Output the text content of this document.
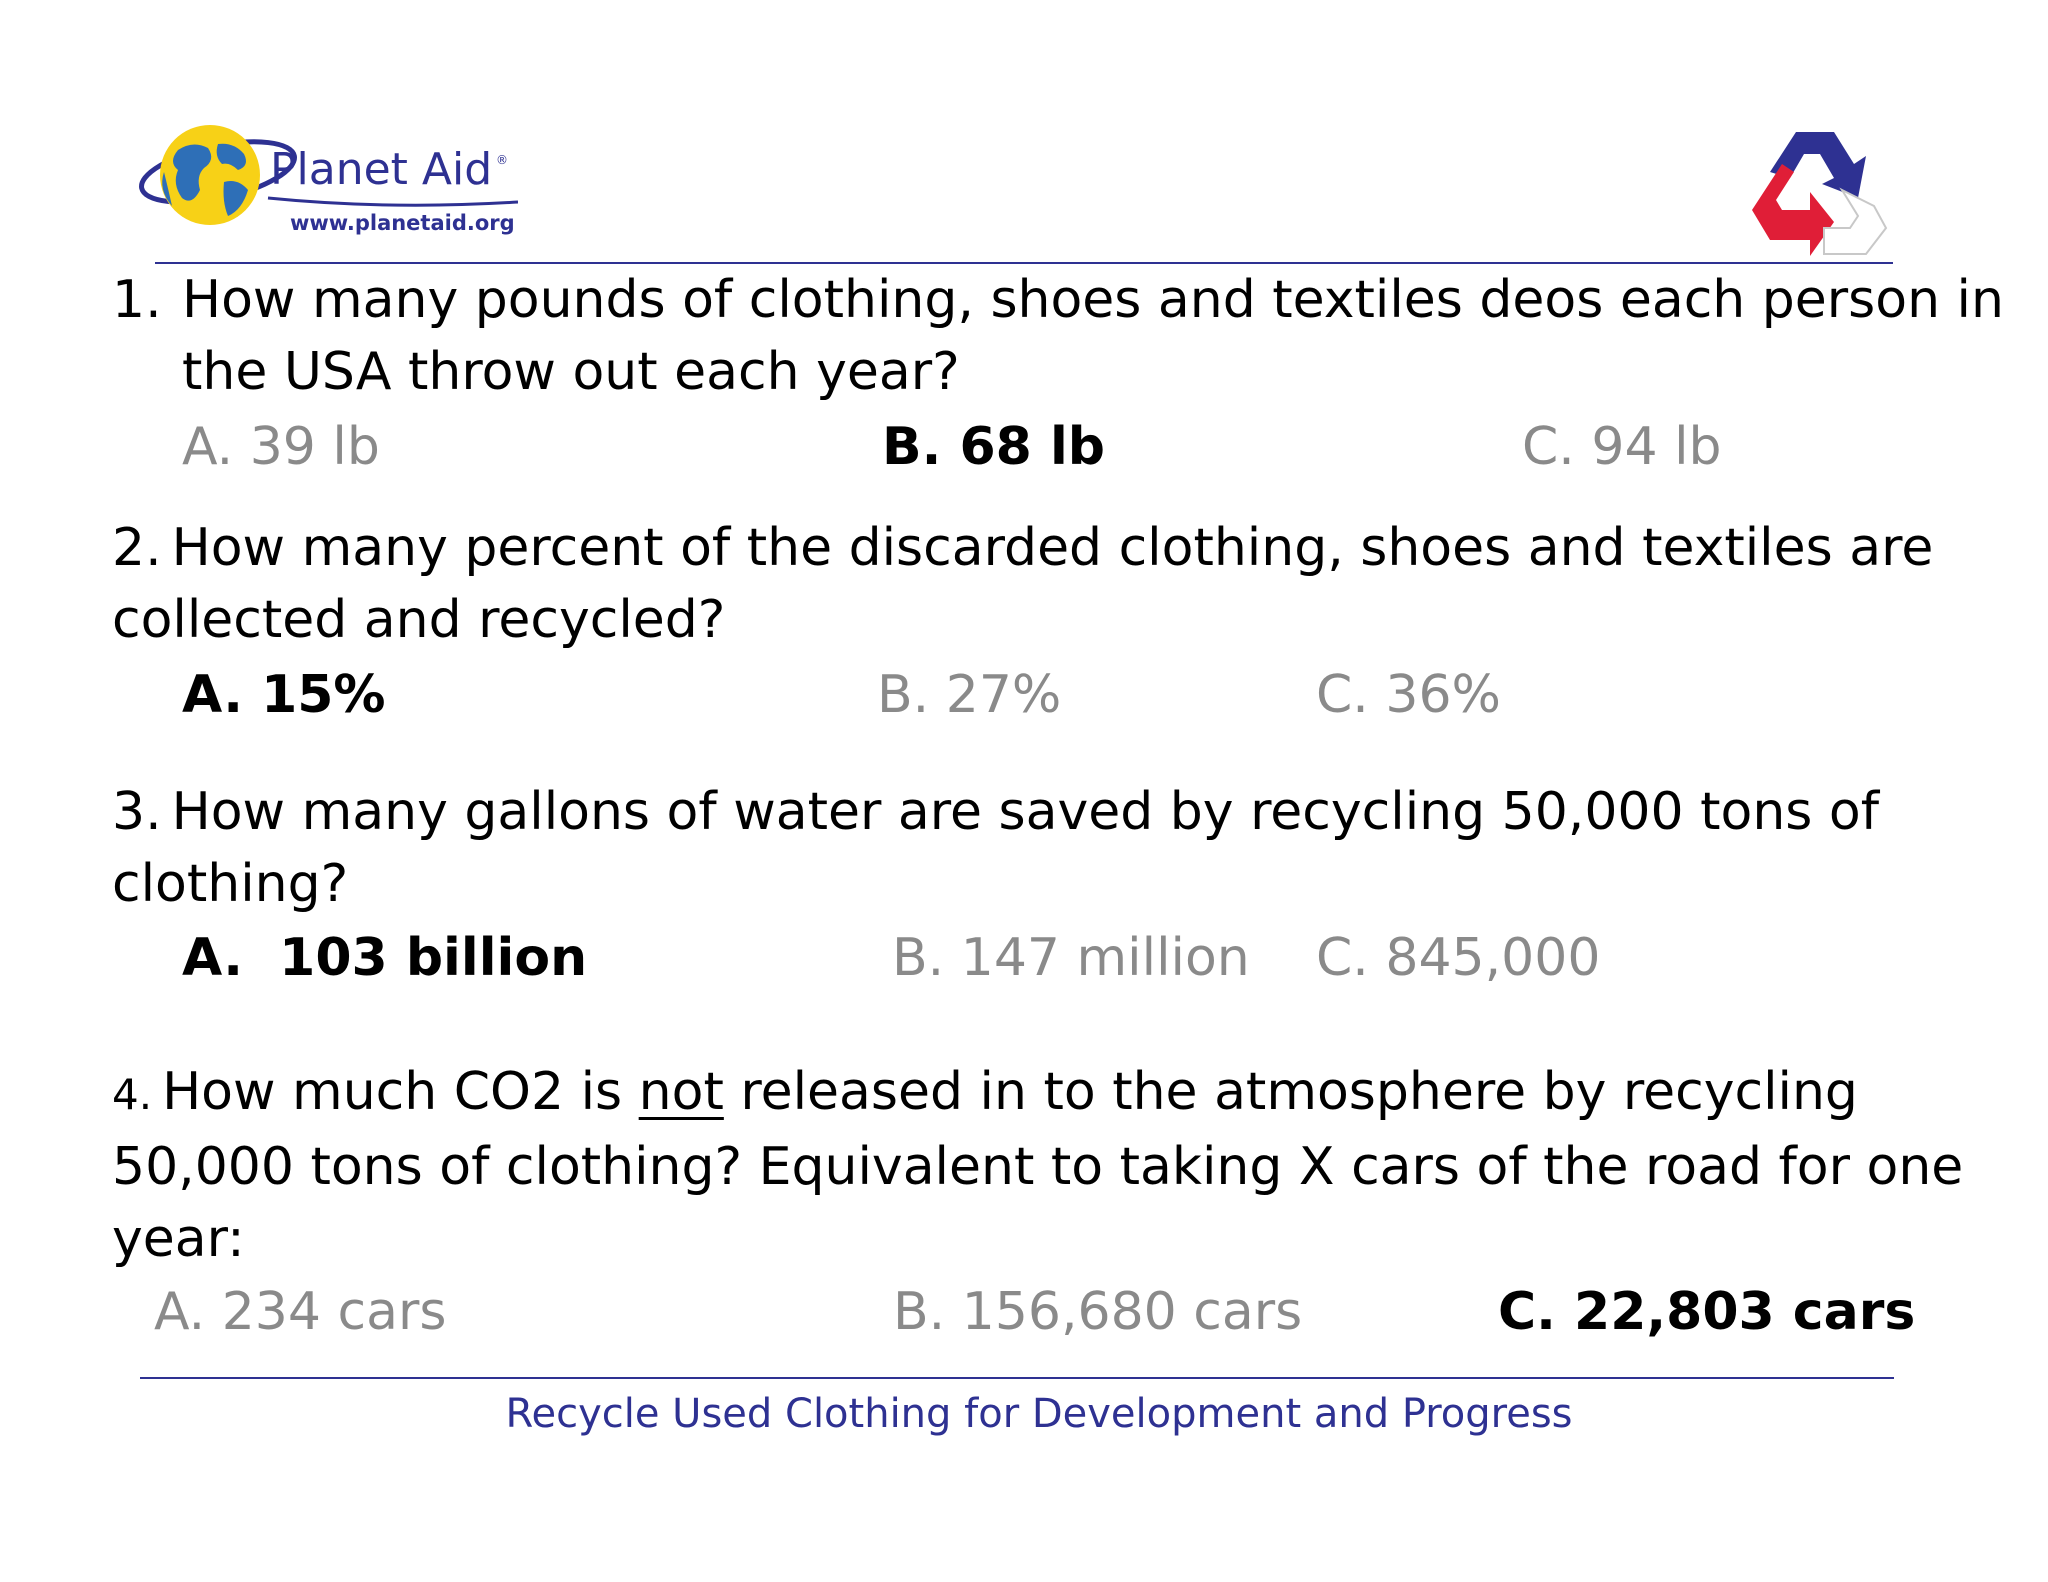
Planet Aid ®
www.planetaid.org
1. How many pounds of clothing, shoes and textiles deos each person in
the USA throw out each year?
A. 39 lb	B. 68 lb	C. 94 lb
2. How many percent of the discarded clothing, shoes and textiles are
collected and recycled?
A. 15%	B. 27%	C. 36%
3. How many gallons of water are saved by recycling 50,000 tons of
clothing?
A.  103 billion	B. 147 million C. 845,000
4. How much CO2 is not released in to the atmosphere by recycling
50,000 tons of clothing? Equivalent to taking X cars of the road for one
year:
A. 234 cars	B. 156,680 cars	C. 22,803 cars
Recycle Used Clothing for Development and Progress
